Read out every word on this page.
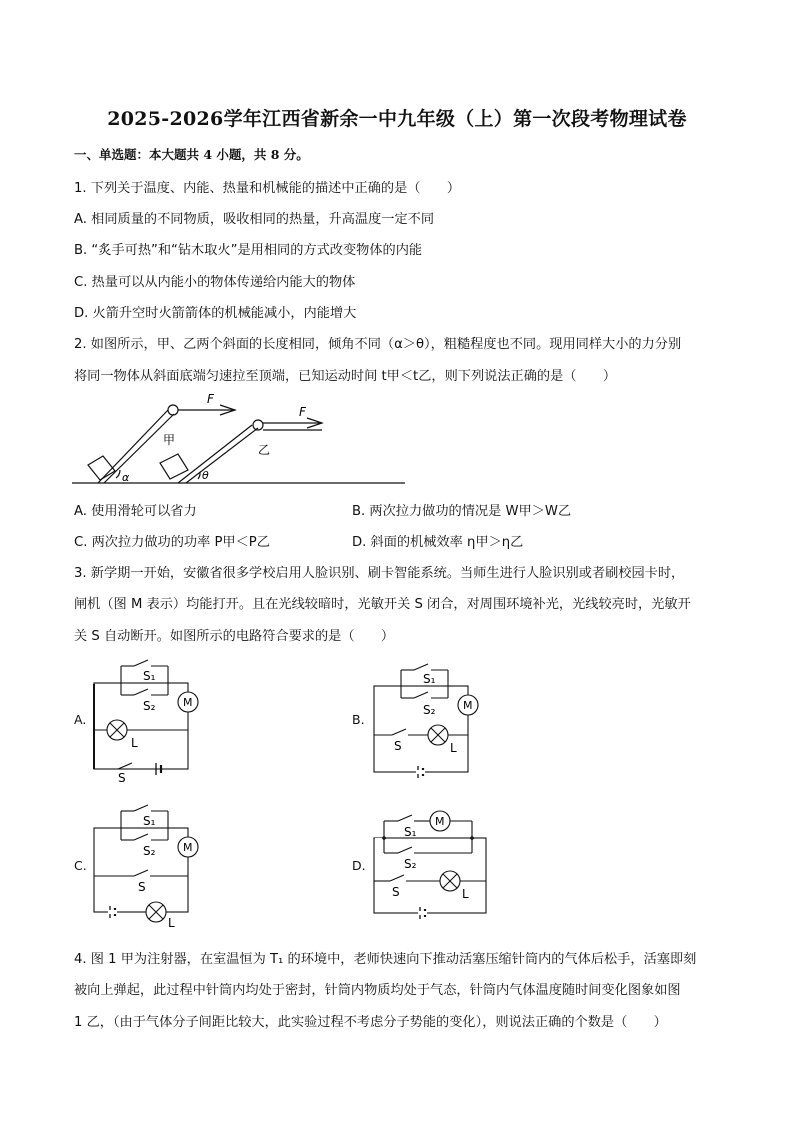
2025-2026学年江西省新余一中九年级（上）第一次段考物理试卷
一、单选题：本大题共 4 小题，共 8 分。
1. 下列关于温度、内能、热量和机械能的描述中正确的是（　　）
A. 相同质量的不同物质，吸收相同的热量，升高温度一定不同
B. “炙手可热”和“钻木取火”是用相同的方式改变物体的内能
C. 热量可以从内能小的物体传递给内能大的物体
D. 火箭升空时火箭箭体的机械能减小，内能增大
2. 如图所示，甲、乙两个斜面的长度相同，倾角不同（α＞θ），粗糙程度也不同。现用同样大小的力分别
将同一物体从斜面底端匀速拉至顶端，已知运动时间 t甲＜t乙，则下列说法正确的是（　　）
F
F
甲
乙
α	θ
A. 使用滑轮可以省力	B. 两次拉力做功的情况是 W甲＞W乙
C. 两次拉力做功的功率 P甲＜P乙	D. 斜面的机械效率 η甲＞η乙
3. 新学期一开始，安徽省很多学校启用人脸识别、刷卡智能系统。当师生进行人脸识别或者刷校园卡时，
闸机（图 M 表示）均能打开。且在光线较暗时，光敏开关 S 闭合，对周围环境补光，光线较亮时，光敏开
关 S 自动断开。如图所示的电路符合要求的是（　　）
A.
S₁
S₂	M
L
S
B.
S₁
S₂	M
S	L
C.
S₁
S₂	M
S
L
D.
S₁
S₂
M
S	L
4. 图 1 甲为注射器，在室温恒为 T₁ 的环境中，老师快速向下推动活塞压缩针筒内的气体后松手，活塞即刻
被向上弹起，此过程中针筒内均处于密封，针筒内物质均处于气态，针筒内气体温度随时间变化图象如图
1 乙，（由于气体分子间距比较大，此实验过程不考虑分子势能的变化），则说法正确的个数是（　　）
